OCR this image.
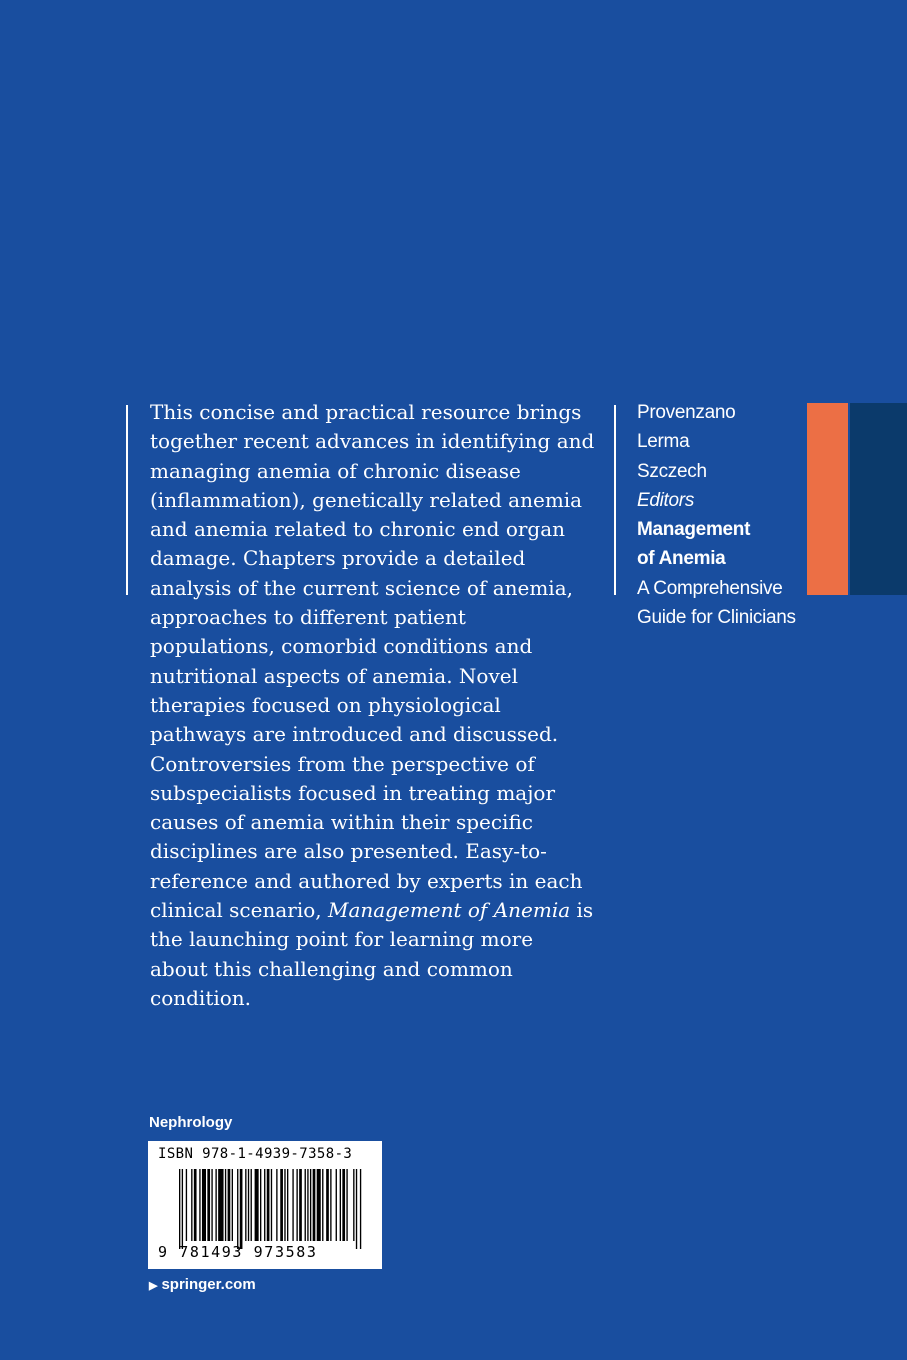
This concise and practical resource brings together recent advances in identifying and managing anemia of chronic disease (inflammation), genetically related anemia and anemia related to chronic end organ damage. Chapters provide a detailed analysis of the current science of anemia, approaches to different patient populations, comorbid conditions and nutritional aspects of anemia. Novel therapies focused on physiological pathways are introduced and discussed. Controversies from the perspective of subspecialists focused in treating major causes of anemia within their specific disciplines are also presented. Easy-to-reference and authored by experts in each clinical scenario, Management of Anemia is the launching point for learning more about this challenging and common condition.

Provenzano
Lerma
Szczech
Editors
Management
of Anemia
A Comprehensive
Guide for Clinicians
Nephrology
ISBN 978-1-4939-7358-3
9 781493 973583
▶ springer.com
